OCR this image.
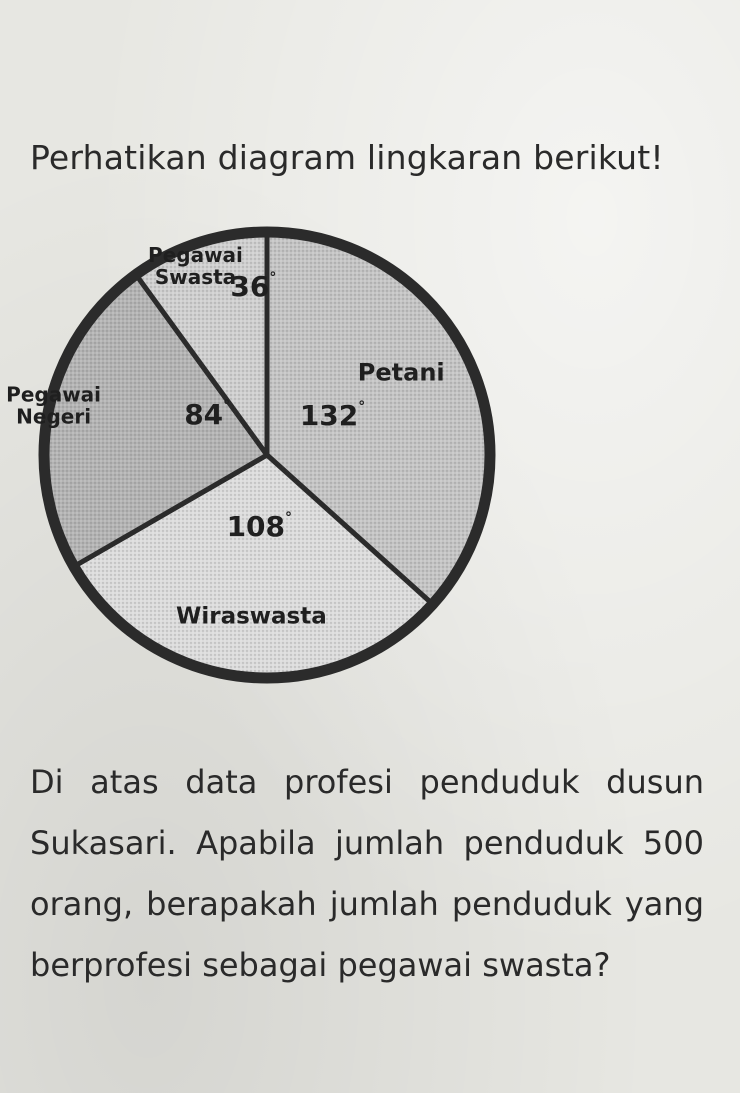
Perhatikan diagram lingkaran berikut!
Petani
132°
Wiraswasta
108°
Pegawai Negeri	84°
Pegawai Swasta
36°

Di atas data profesi penduduk dusun Sukasari. Apabila jumlah penduduk 500 orang, berapakah jumlah penduduk yang berprofesi sebagai pegawai swasta?
